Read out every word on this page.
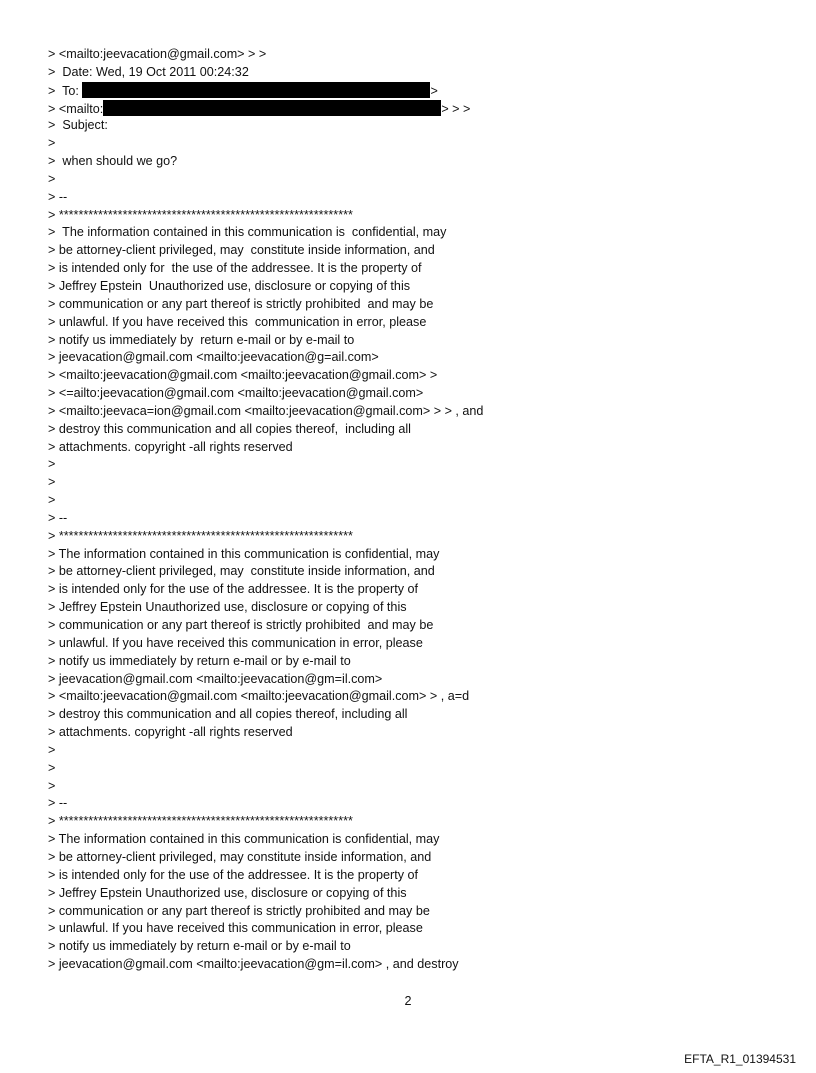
> <mailto:jeevacation@gmail.com> > >
>  Date: Wed, 19 Oct 2011 00:24:32
>  To:	>
> <mailto:	> > >
>  Subject:
>
>  when should we go?
>
> --
> ************************************************************
>  The information contained in this communication is  confidential, may
> be attorney-client privileged, may  constitute inside information, and
> is intended only for  the use of the addressee. It is the property of
> Jeffrey Epstein  Unauthorized use, disclosure or copying of this
> communication or any part thereof is strictly prohibited  and may be
> unlawful. If you have received this  communication in error, please
> notify us immediately by  return e-mail or by e-mail to
> jeevacation@gmail.com <mailto:jeevacation@g=ail.com>
> <mailto:jeevacation@gmail.com <mailto:jeevacation@gmail.com> >
> <=ailto:jeevacation@gmail.com <mailto:jeevacation@gmail.com>
> <mailto:jeevaca=ion@gmail.com <mailto:jeevacation@gmail.com> > > , and
> destroy this communication and all copies thereof,  including all
> attachments. copyright -all rights reserved
>
>
>
> --
> ************************************************************
> The information contained in this communication is confidential, may
> be attorney-client privileged, may  constitute inside information, and
> is intended only for the use of the addressee. It is the property of
> Jeffrey Epstein Unauthorized use, disclosure or copying of this
> communication or any part thereof is strictly prohibited  and may be
> unlawful. If you have received this communication in error, please
> notify us immediately by return e-mail or by e-mail to
> jeevacation@gmail.com <mailto:jeevacation@gm=il.com>
> <mailto:jeevacation@gmail.com <mailto:jeevacation@gmail.com> > , a=d
> destroy this communication and all copies thereof, including all
> attachments. copyright -all rights reserved
>
>
>
> --
> ************************************************************
> The information contained in this communication is confidential, may
> be attorney-client privileged, may constitute inside information, and
> is intended only for the use of the addressee. It is the property of
> Jeffrey Epstein Unauthorized use, disclosure or copying of this
> communication or any part thereof is strictly prohibited and may be
> unlawful. If you have received this communication in error, please
> notify us immediately by return e-mail or by e-mail to
> jeevacation@gmail.com <mailto:jeevacation@gm=il.com> , and destroy
2
EFTA_R1_01394531
